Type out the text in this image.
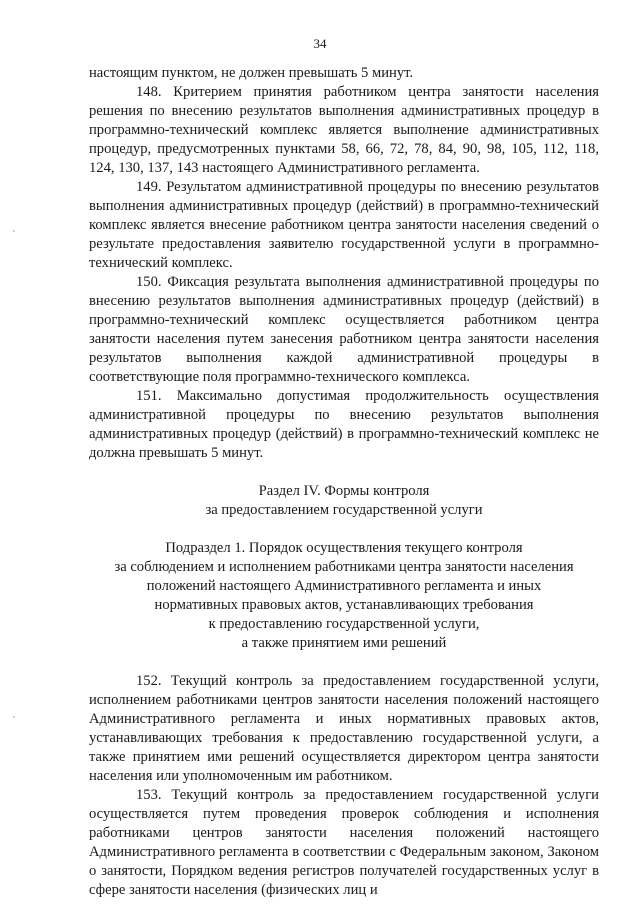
34

настоящим пунктом, не должен превышать 5 минут.

148. Критерием принятия работником центра занятости населения решения по внесению результатов выполнения административных процедур в программно-технический комплекс является выполнение административных процедур, предусмотренных пунктами 58, 66, 72, 78, 84, 90, 98, 105, 112, 118, 124, 130, 137, 143 настоящего Административного регламента.

149. Результатом административной процедуры по внесению результатов выполнения административных процедур (действий) в программно-технический комплекс является внесение работником центра занятости населения сведений о результате предоставления заявителю государственной услуги в программно-технический комплекс.

150. Фиксация результата выполнения административной процедуры по внесению результатов выполнения административных процедур (действий) в программно-технический комплекс осуществляется работником центра занятости населения путем занесения работником центра занятости населения результатов выполнения каждой административной процедуры в соответствующие поля программно-технического комплекса.

151. Максимально допустимая продолжительность осуществления административной процедуры по внесению результатов выполнения административных процедур (действий) в программно-технический комплекс не должна превышать 5 минут.

Раздел IV. Формы контроля

за предоставлением государственной услуги

Подраздел 1. Порядок осуществления текущего контроля

за соблюдением и исполнением работниками центра занятости населения

положений настоящего Административного регламента и иных

нормативных правовых актов, устанавливающих требования

к предоставлению государственной услуги,

а также принятием ими решений

152. Текущий контроль за предоставлением государственной услуги, исполнением работниками центров занятости населения положений настоящего Административного регламента и иных нормативных правовых актов, устанавливающих требования к предоставлению государственной услуги, а также принятием ими решений осуществляется директором центра занятости населения или уполномоченным им работником.

153. Текущий контроль за предоставлением государственной услуги осуществляется путем проведения проверок соблюдения и исполнения работниками центров занятости населения положений настоящего Административного регламента в соответствии с Федеральным законом, Законом о занятости, Порядком ведения регистров получателей государственных услуг в сфере занятости населения (физических лиц и
